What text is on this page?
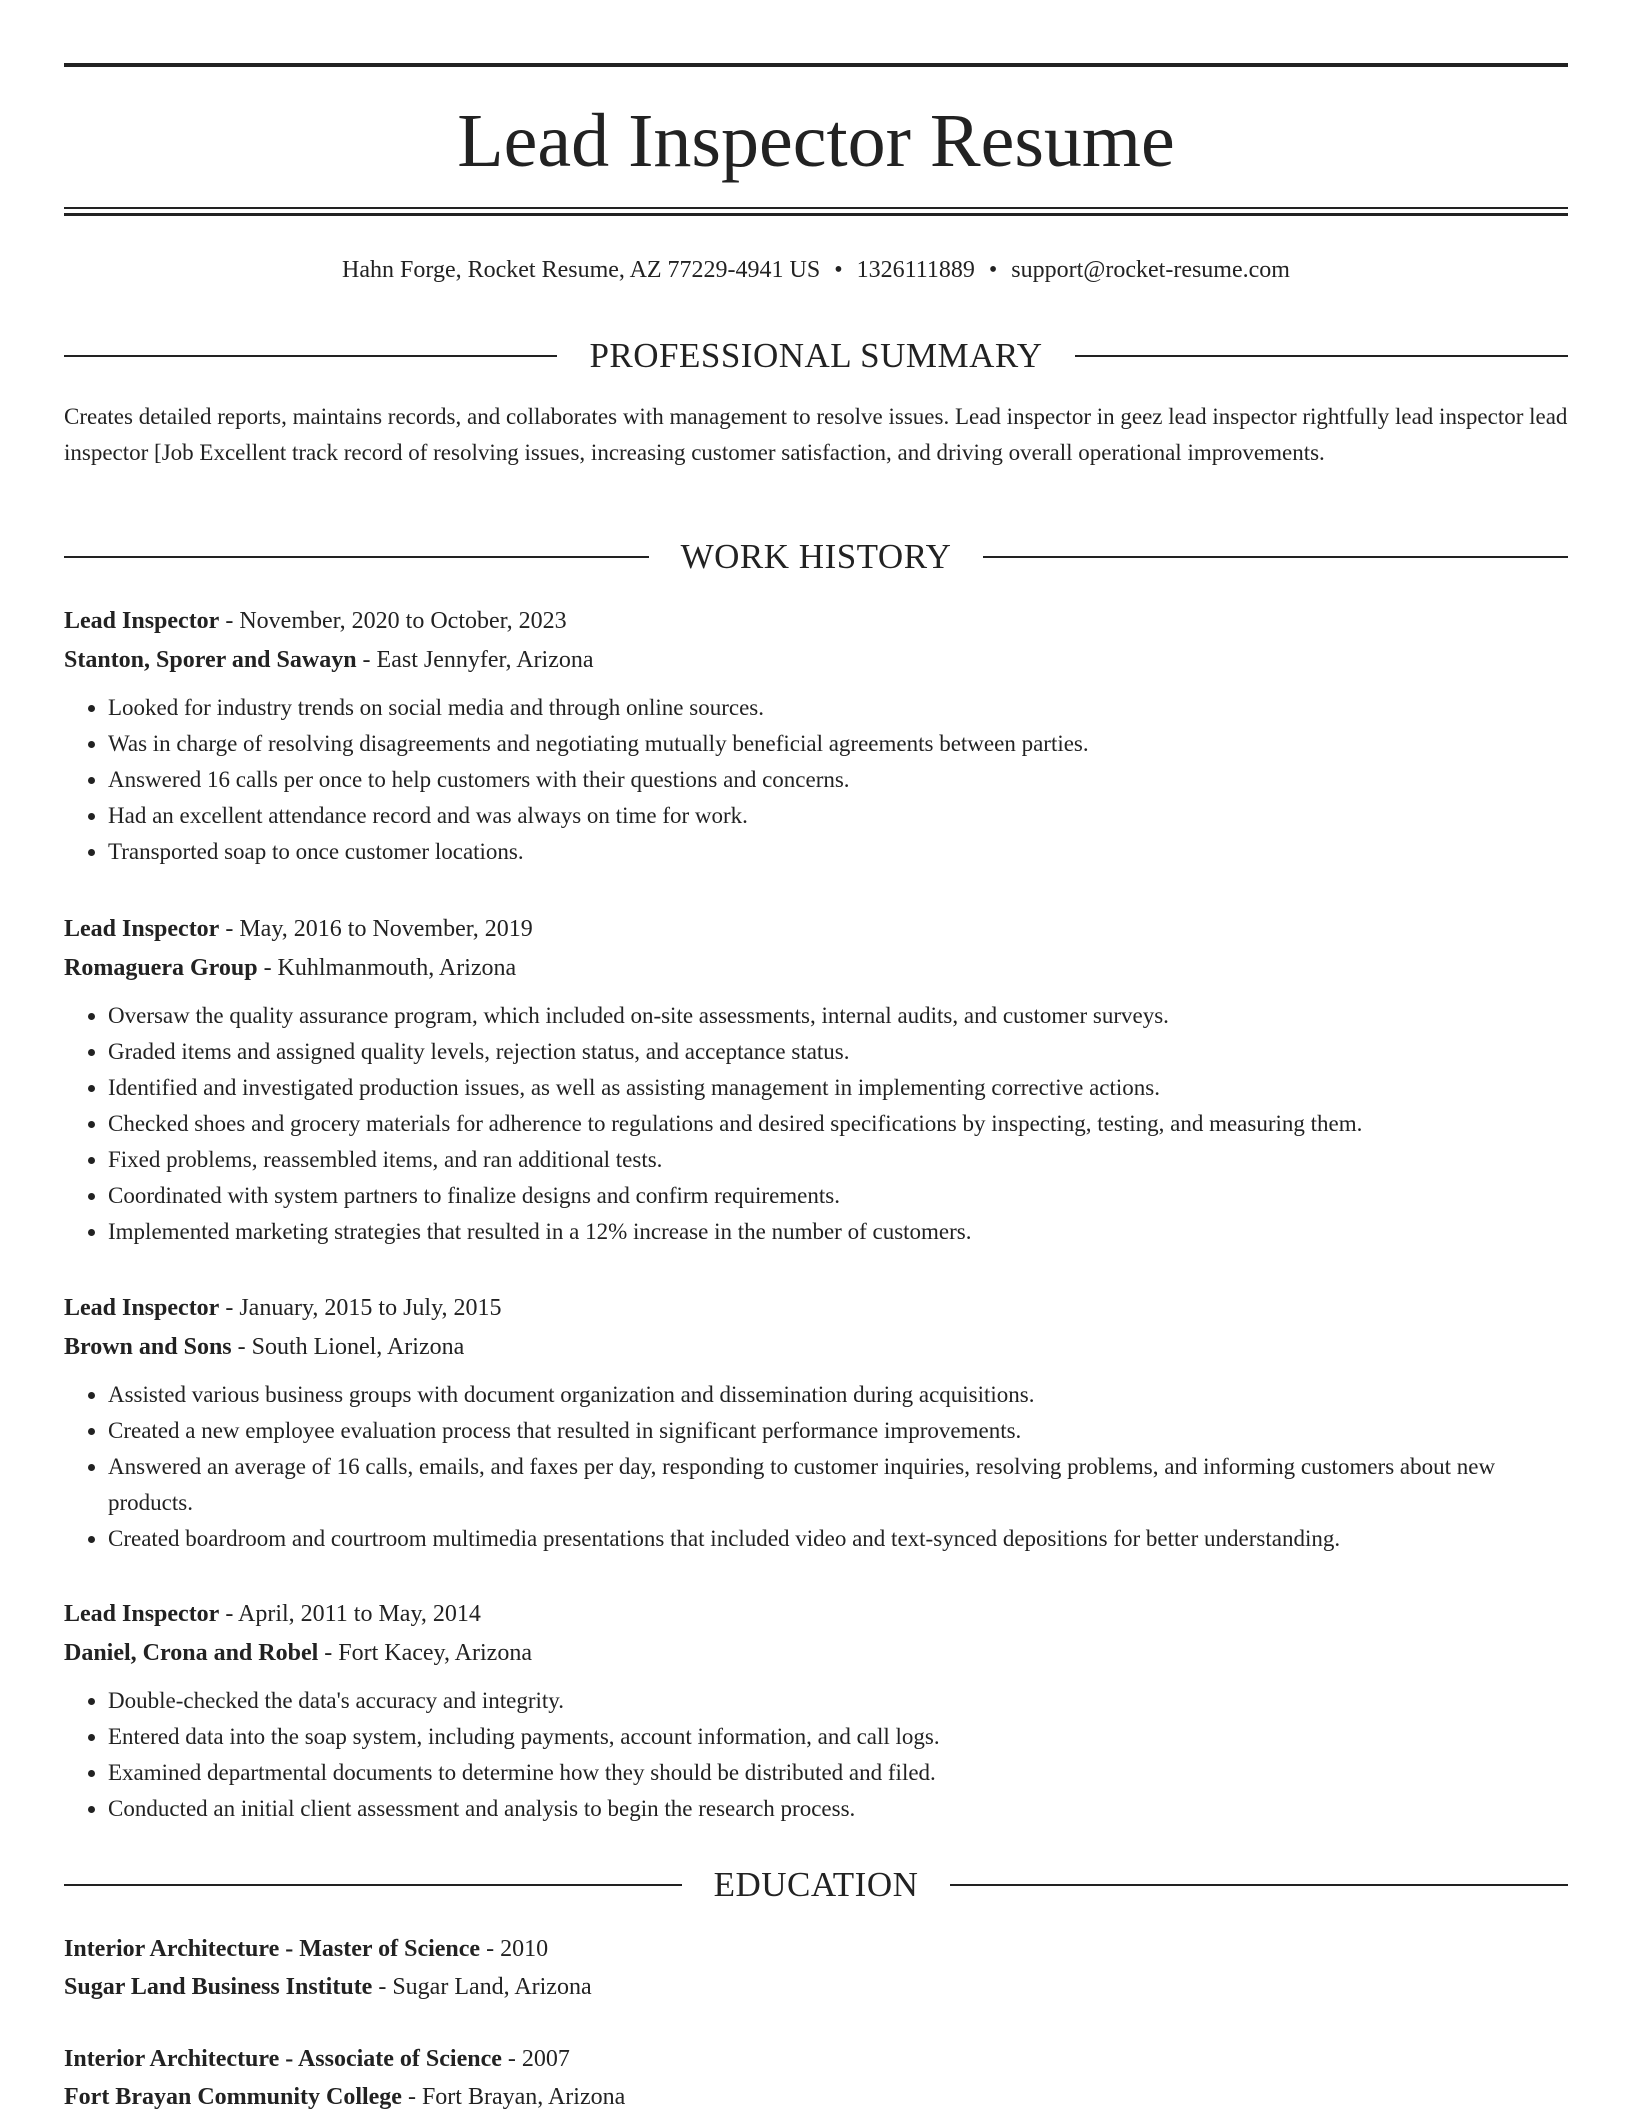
Lead Inspector Resume
Hahn Forge, Rocket Resume, AZ 77229-4941 US • 1326111889 • support@rocket-resume.com
PROFESSIONAL SUMMARY
Creates detailed reports, maintains records, and collaborates with management to resolve issues. Lead inspector in geez lead inspector rightfully lead inspector lead inspector [Job Excellent track record of resolving issues, increasing customer satisfaction, and driving overall operational improvements.
WORK HISTORY
Lead Inspector - November, 2020 to October, 2023
Stanton, Sporer and Sawayn - East Jennyfer, Arizona
• Looked for industry trends on social media and through online sources.
• Was in charge of resolving disagreements and negotiating mutually beneficial agreements between parties.
• Answered 16 calls per once to help customers with their questions and concerns.
• Had an excellent attendance record and was always on time for work.
• Transported soap to once customer locations.
Lead Inspector - May, 2016 to November, 2019
Romaguera Group - Kuhlmanmouth, Arizona
• Oversaw the quality assurance program, which included on-site assessments, internal audits, and customer surveys.
• Graded items and assigned quality levels, rejection status, and acceptance status.
• Identified and investigated production issues, as well as assisting management in implementing corrective actions.
• Checked shoes and grocery materials for adherence to regulations and desired specifications by inspecting, testing, and measuring them.
• Fixed problems, reassembled items, and ran additional tests.
• Coordinated with system partners to finalize designs and confirm requirements.
• Implemented marketing strategies that resulted in a 12% increase in the number of customers.
Lead Inspector - January, 2015 to July, 2015
Brown and Sons - South Lionel, Arizona
• Assisted various business groups with document organization and dissemination during acquisitions.
• Created a new employee evaluation process that resulted in significant performance improvements.
• Answered an average of 16 calls, emails, and faxes per day, responding to customer inquiries, resolving problems, and informing customers about new products.
• Created boardroom and courtroom multimedia presentations that included video and text-synced depositions for better understanding.
Lead Inspector - April, 2011 to May, 2014
Daniel, Crona and Robel - Fort Kacey, Arizona
• Double-checked the data's accuracy and integrity.
• Entered data into the soap system, including payments, account information, and call logs.
• Examined departmental documents to determine how they should be distributed and filed.
• Conducted an initial client assessment and analysis to begin the research process.
EDUCATION
Interior Architecture - Master of Science - 2010
Sugar Land Business Institute - Sugar Land, Arizona
Interior Architecture - Associate of Science - 2007
Fort Brayan Community College - Fort Brayan, Arizona
